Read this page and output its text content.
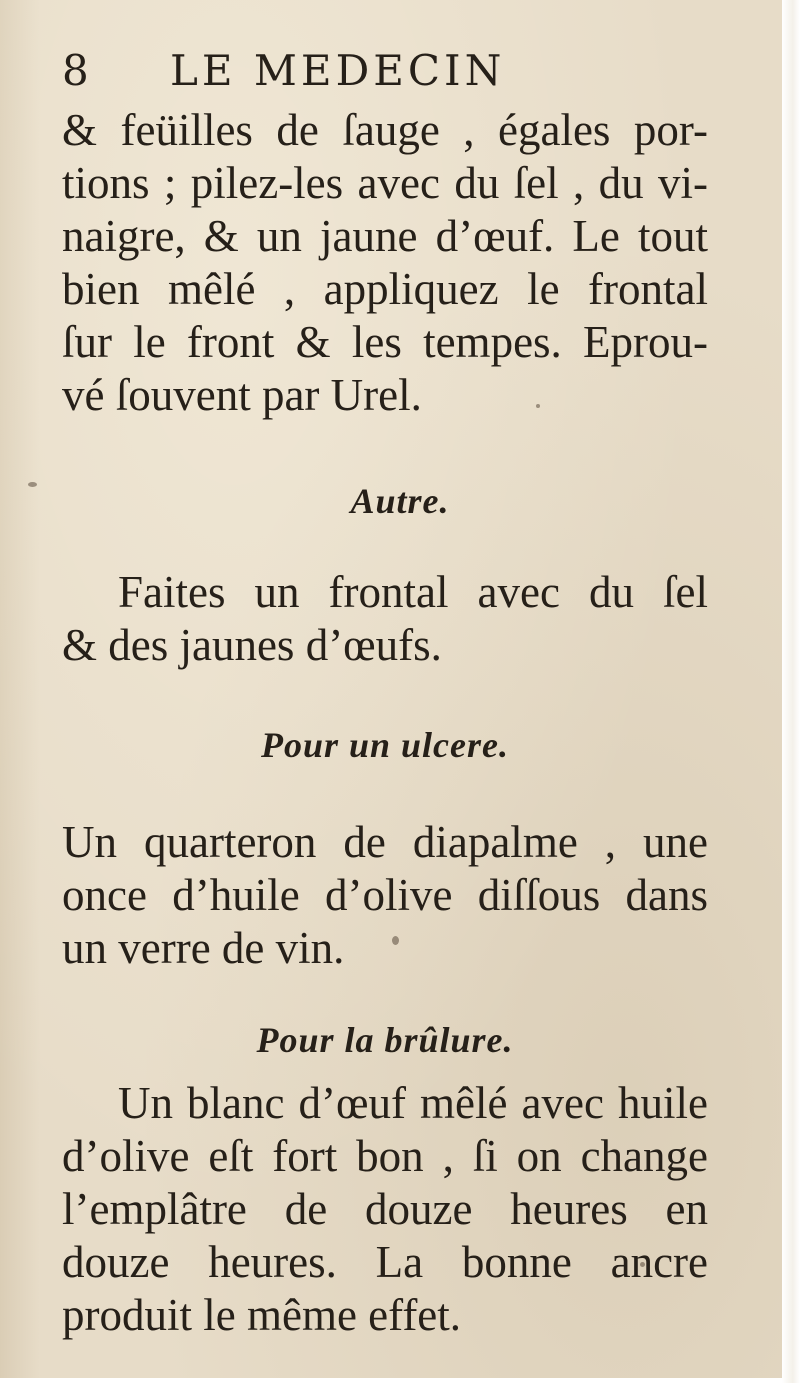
8 LE MEDECIN
& feüilles de ſauge , égales por-
tions ; pilez-les avec du ſel , du vi-
naigre, & un jaune d’œuf. Le tout
bien mêlé , appliquez le frontal
ſur le front & les tempes. Eprou-
vé ſouvent par Urel.
Autre.
Faites un frontal avec du ſel
& des jaunes d’œufs.
Pour un ulcere.
Un quarteron de diapalme , une
once d’huile d’olive diſſous dans
un verre de vin.
Pour la brûlure.
Un blanc d’œuf mêlé avec huile
d’olive eſt fort bon , ſi on change
l’emplâtre de douze heures en
douze heures. La bonne ancre
produit le même effet.
